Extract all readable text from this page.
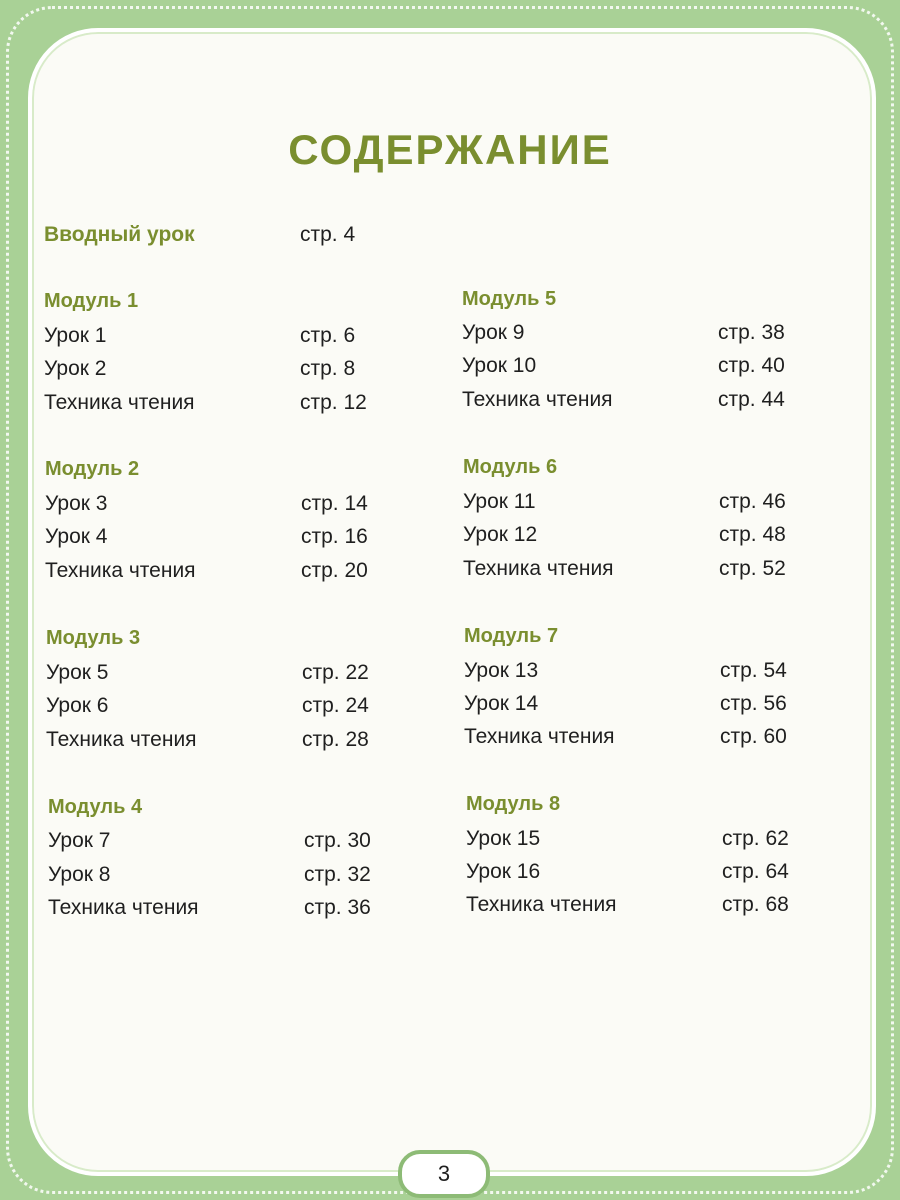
СОДЕРЖАНИЕ
Вводный урок	стр. 4
Модуль 1
Урок 1	стр. 6
Урок 2	стр. 8
Техника чтения	стр. 12
Модуль 2
Урок 3	стр. 14
Урок 4	стр. 16
Техника чтения	стр. 20
Модуль 3
Урок 5	стр. 22
Урок 6	стр. 24
Техника чтения	стр. 28
Модуль 4
Урок 7	стр. 30
Урок 8	стр. 32
Техника чтения	стр. 36
Модуль 5
Урок 9	стр. 38
Урок 10	стр. 40
Техника чтения	стр. 44
Модуль 6
Урок 11	стр. 46
Урок 12	стр. 48
Техника чтения	стр. 52
Модуль 7
Урок 13	стр. 54
Урок 14	стр. 56
Техника чтения	стр. 60
Модуль 8
Урок 15	стр. 62
Урок 16	стр. 64
Техника чтения	стр. 68
3
